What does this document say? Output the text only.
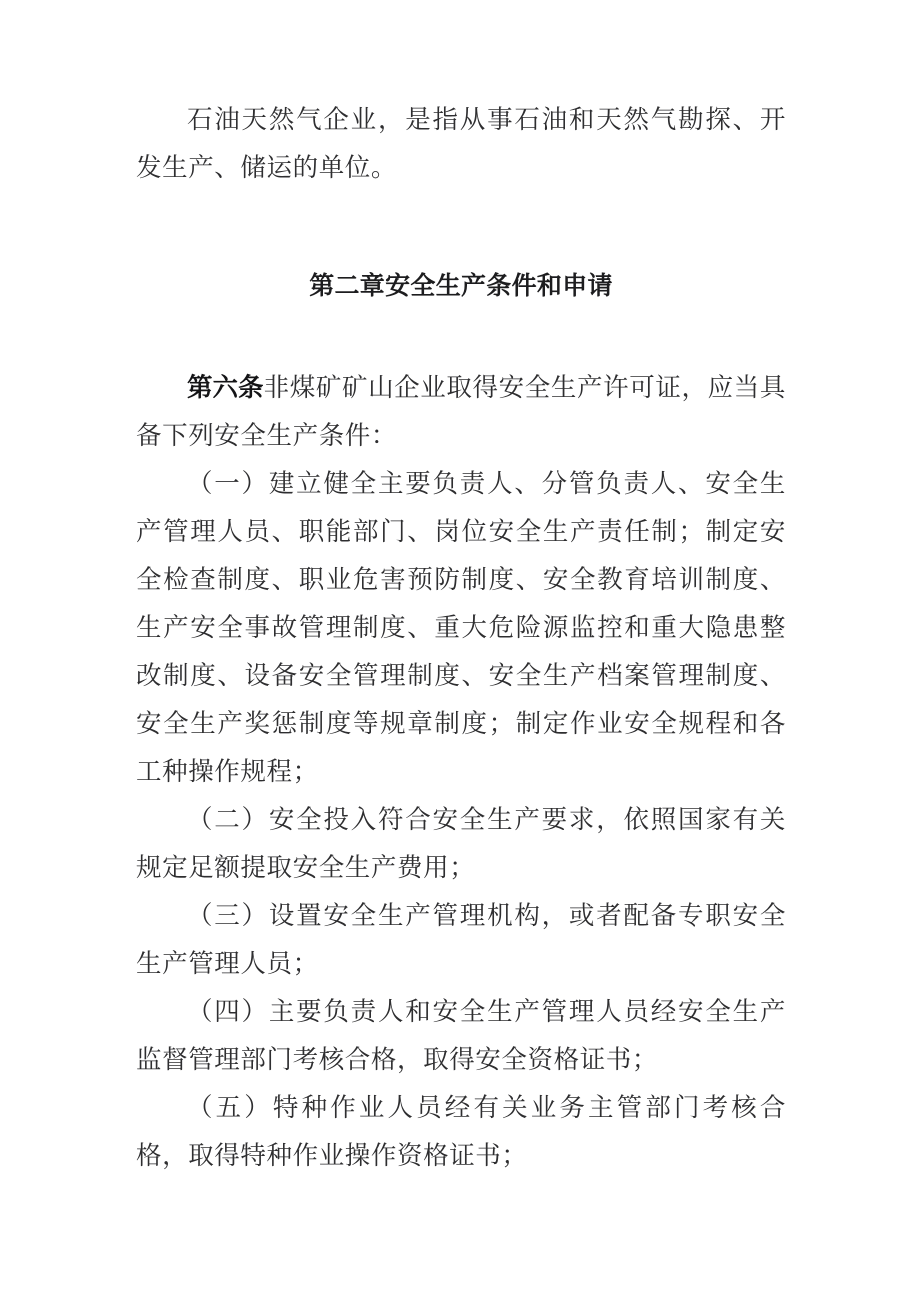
石油天然气企业，是指从事石油和天然气勘探、开发生产、储运的单位。

第二章安全生产条件和申请

第六条非煤矿矿山企业取得安全生产许可证，应当具备下列安全生产条件：

（一）建立健全主要负责人、分管负责人、安全生产管理人员、职能部门、岗位安全生产责任制；制定安全检查制度、职业危害预防制度、安全教育培训制度、生产安全事故管理制度、重大危险源监控和重大隐患整改制度、设备安全管理制度、安全生产档案管理制度、安全生产奖惩制度等规章制度；制定作业安全规程和各工种操作规程；

（二）安全投入符合安全生产要求，依照国家有关规定足额提取安全生产费用；

（三）设置安全生产管理机构，或者配备专职安全生产管理人员；

（四）主要负责人和安全生产管理人员经安全生产监督管理部门考核合格，取得安全资格证书；

（五）特种作业人员经有关业务主管部门考核合格，取得特种作业操作资格证书；
